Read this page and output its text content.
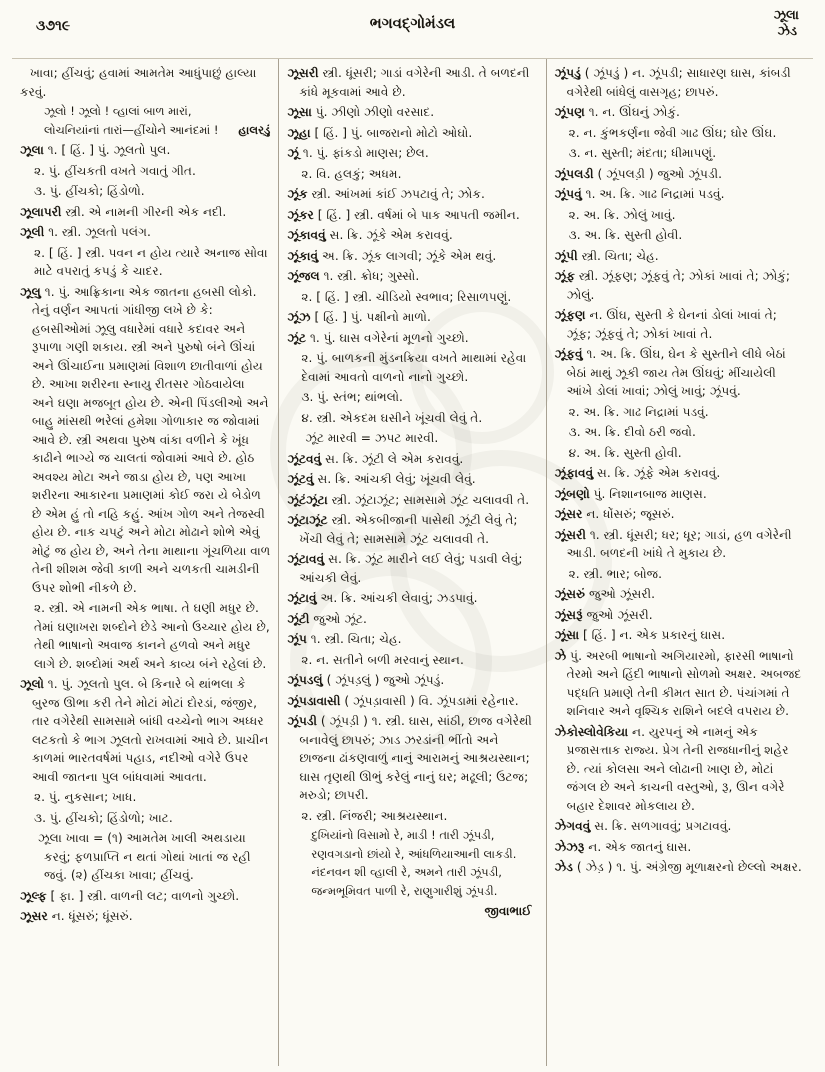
૩૭૧૯	ભગવદ્ગોમંડલ	ઝૂલા
ઝેડ

ખાવા; હીંચવું; હવામાં આમતેમ આધુંપાછું હાલ્યા કરવું.

ઝૂલો ! ઝૂલો ! વ્હાલાં બાળ મારાં,

હાલરડું
લોચનિયાંનાં તારાં—હીંચોને આનંદમાં !

ઝૂલા ૧. [ હિં. ] પું. ઝૂલતો પુલ.

૨. પું. હીંચકતી વખતે ગવાતું ગીત.

૩. પું. હીંચકો; હિંડોળો.

ઝૂલાપરી સ્ત્રી. એ નામની ગીરની એક નદી.

ઝૂલી ૧. સ્ત્રી. ઝૂલતો પલંગ.

૨. [ હિં. ] સ્ત્રી. પવન ન હોય ત્યારે અનાજ સોવા માટે વપરાતું કપડું કે ચાદર.

ઝૂલુ ૧. પું. આફ્રિકાના એક જાતના હબસી લોકો. તેનું વર્ણન આપતાં ગાંધીજી લખે છે કે: હબસીઓમાં ઝૂલુ વધારેમાં વધારે કદાવર અને રૂપાળા ગણી શકાય. સ્ત્રી અને પુરુષો બંને ઊંચાં અને ઊંચાઈના પ્રમાણમાં વિશાળ છાતીવાળાં હોય છે. આખા શરીરના સ્નાયુ રીતસર ગોઠવાયેલા અને ઘણા મજબૂત હોય છે. એની પિંડલીઓ અને બાહુ માંસથી ભરેલાં હમેશા ગોળાકાર જ જોવામાં આવે છે. સ્ત્રી અથવા પુરુષ વાંકા વળીને કે ખૂંધ કાઢીને ભાગ્યે જ ચાલતાં જોવામાં આવે છે. હોઠ અવશ્ય મોટા અને જાડા હોય છે, પણ આખા શરીરના આકારના પ્રમાણમાં કોઈ જરા યે બેડોળ છે એમ હું તો નહિ કહું. આંખ ગોળ અને તેજસ્વી હોય છે. નાક ચપટું અને મોટા મોઢાને શોભે એવું મોટું જ હોય છે, અને તેના માથાના ગૂંચળિયા વાળ તેની શીશમ જેવી કાળી અને ચળકતી ચામડીની ઉપર શોભી નીકળે છે.

૨. સ્ત્રી. એ નામની એક ભાષા. તે ઘણી મધુર છે. તેમાં ઘણાખરા શબ્દોને છેડે આનો ઉચ્ચાર હોય છે, તેથી ભાષાનો અવાજ કાનને હળવો અને મધુર લાગે છે. શબ્દોમાં અર્થ અને કાવ્ય બંને રહેલાં છે.

ઝૂલો ૧. પું. ઝૂલતો પુલ. બે કિનારે બે થાંભલા કે બુરજ ઊભા કરી તેને મોટાં મોટાં દોરડાં, જંજીર, તાર વગેરેથી સામસામે બાંધી વચ્ચેનો ભાગ અધ્ધર લટકતો કે ભાગ ઝૂલતો રાખવામાં આવે છે. પ્રાચીન કાળમાં ભારતવર્ષમાં પહાડ, નદીઓ વગેરે ઉપર આવી જાતના પુલ બાંધવામાં આવતા.

૨. પું. નુકસાન; ખાધ.

૩. પું. હીંચકો; હિંડોળો; ખાટ.

ઝૂલા ખાવા = (૧) આમતેમ ખાલી અથડાયા કરવું; ફળપ્રાપ્તિ ન થતાં ગોથાં ખાતાં જ રહી જવું. (૨) હીંચકા ખાવા; હીંચવું.

ઝૂલ્ફ [ ફા. ] સ્ત્રી. વાળની લટ; વાળનો ગુચ્છો.

ઝૂસર ન. ધૂંસરું; ધૂંસરું.

ઝૂસરી સ્ત્રી. ધૂંસરી; ગાડાં વગેરેની આડી. તે બળદની કાંધે મૂકવામાં આવે છે.

ઝૂસા પું. ઝીણો ઝીણો વરસાદ.

ઝૂહા [ હિં. ] પું. બાજરાનો મોટો ઓઘો.

ઝૂં ૧. પું. ફાંકડો માણસ; છેલ.

૨. વિ. હલકું; અધમ.

ઝૂંક સ્ત્રી. આંખમાં કાંઈ ઝપટાવું તે; ઝોક.

ઝૂંકર [ હિં. ] સ્ત્રી. વર્ષમાં બે પાક આપતી જમીન.

ઝૂંકાવવું સ. ક્રિ. ઝૂંકે એમ કરાવવું.

ઝૂંકાવું અ. ક્રિ. ઝૂંક લાગવી; ઝૂંકે એમ થવું.

ઝૂંજલ ૧. સ્ત્રી. ક્રોધ; ગુસ્સો.

૨. [ હિં. ] સ્ત્રી. ચીડિયો સ્વભાવ; રિસાળપણું.

ઝૂંઝ [ હિં. ] પું. પક્ષીનો માળો.

ઝૂંટ ૧. પું. ઘાસ વગેરેનાં મૂળનો ગુચ્છો.

૨. પું. બાળકની મુંડનક્રિયા વખતે માથામાં રહેવા દેવામાં આવતો વાળનો નાનો ગુચ્છો.

૩. પું. સ્તંભ; થાંભલો.

૪. સ્ત્રી. એકદમ ઘસીને ખૂંચવી લેવું તે.

ઝૂંટ મારવી = ઝપટ મારવી.

ઝૂંટવવું સ. ક્રિ. ઝૂંટી લે એમ કરાવવું.

ઝૂંટવું સ. ક્રિ. આંચકી લેવું; ખૂંચવી લેવું.

ઝૂંટંઝૂંટા સ્ત્રી. ઝૂંટાઝૂંટ; સામસામે ઝૂંટ ચલાવવી તે.

ઝૂંટાઝૂંટ સ્ત્રી. એકબીજાની પાસેથી ઝૂંટી લેવું તે; ખેંચી લેવું તે; સામસામે ઝૂંટ ચલાવવી તે.

ઝૂંટાવવું સ. ક્રિ. ઝૂંટ મારીને લઈ લેવું; પડાવી લેવું; આંચકી લેવું.

ઝૂંટાવું અ. ક્રિ. આંચકી લેવાવું; ઝડપાવું.

ઝૂંટી જુઓ ઝૂંટ.

ઝૂંપ ૧. સ્ત્રી. ચિતા; ચેહ.

૨. ન. સતીને બળી મરવાનું સ્થાન.

ઝૂંપડલું ( ઝૂંપડ઼લું ) જુઓ ઝૂંપડું.

ઝૂંપડાવાસી ( ઝૂંપડ઼ાવાસી ) વિ. ઝૂંપડામાં રહેનાર.

ઝૂંપડી ( ઝૂંપડ઼ી ) ૧. સ્ત્રી. ઘાસ, સાંઠી, છાજ વગેરેથી બનાવેલું છાપરું; ઝાડ ઝરડાંની ભીંતો અને છાજના ઢાંકણવાળું નાનું આરામનું આશ્રયસ્થાન; ઘાસ તૃણથી ઊભું કરેલું નાનું ઘર; મઢૂલી; ઉટજ; મરુડો; છાપરી.

૨. સ્ત્રી. નિંજરી; આશ્રયસ્થાન.

દુખિયાંનો વિસામો રે, માડી ! તારી ઝૂંપડી,

રણવગડાનો છાંયો રે, આંધળિયાઆની લાકડી.

નંદનવન શી વ્હાલી રે, અમને તારી ઝૂંપડી,

જન્મભૂમિવત પાળી રે, રાણુગારીશું ઝૂંપડી.

જીવાભાઈ

ઝૂંપડું ( ઝૂંપડ઼ું ) ન. ઝૂંપડી; સાધારણ ઘાસ, કાંબડી વગેરેથી બાંધેલું વાસગૃહ; છાપરું.

ઝૂંપણ ૧. ન. ઊંઘનું ઝોકું.

૨. ન. કુંભકર્ણના જેવી ગાઢ ઊંઘ; ઘોર ઊંઘ.

૩. ન. સુસ્તી; મંદતા; ધીમાપણું.

ઝૂંપલડી ( ઝૂંપલડ઼ી ) જુઓ ઝૂંપડી.

ઝૂંપવું ૧. અ. ક્રિ. ગાઢ નિદ્રામાં પડવું.

૨. અ. ક્રિ. ઝોલું ખાવું.

૩. અ. ક્રિ. સુસ્તી હોવી.

ઝૂંપી સ્ત્રી. ચિતા; ચેહ.

ઝૂંફ સ્ત્રી. ઝૂંફણ; ઝૂંફવું તે; ઝોકાં ખાવાં તે; ઝોકું; ઝોલું.

ઝૂંફણ ન. ઊંઘ, સુસ્તી કે ઘેનનાં ડોલાં ખાવાં તે; ઝૂંફ; ઝૂંફવું તે; ઝોકાં ખાવાં તે.

ઝૂંફવું ૧. અ. ક્રિ. ઊંઘ, ઘેન કે સુસ્તીને લીધે બેઠાં બેઠાં માથું ઝૂકી જાય તેમ ઊંઘવું; મીંચાયેલી આંખે ડોલાં ખાવાં; ઝોલું ખાવું; ઝૂંપવું.

૨. અ. ક્રિ. ગાઢ નિદ્રામાં પડવું.

૩. અ. ક્રિ. દીવો ઠરી જવો.

૪. અ. ક્રિ. સુસ્તી હોવી.

ઝૂંફાવવું સ. ક્રિ. ઝૂંફે એમ કરાવવું.

ઝૂંબણો પું. નિશાનબાજ માણસ.

ઝૂંસર ન. ધોંસરું; જૂસરું.

ઝૂંસરી ૧. સ્ત્રી. ધૂંસરી; ધર; ધૂર; ગાડાં, હળ વગેરેની આડી. બળદની ખાંધે તે મુકાય છે.

૨. સ્ત્રી. ભાર; બોજ.

ઝૂંસરું જુઓ ઝૂંસરી.

ઝૂંસરૂં જુઓ ઝૂંસરી.

ઝૂંસા [ હિં. ] ન. એક પ્રકારનું ઘાસ.

ઝે પું. અરબી ભાષાનો અગિયારમો, ફારસી ભાષાનો તેરમો અને હિંદી ભાષાનો સોળમો અક્ષર. અબજદ પદ્ધતિ પ્રમાણે તેની કીમત સાત છે. પંચાંગમાં તે શનિવાર અને વૃશ્ચિક રાશિને બદલે વપરાય છે.

ઝેકોસ્લોવેકિયા ન. યુરપનું એ નામનું એક પ્રજાસત્તાક રાજ્ય. પ્રેગ તેની રાજધાનીનું શહેર છે. ત્યાં કોલસા અને લોઢાની ખાણ છે, મોટાં જંગલ છે અને કાચની વસ્તુઓ, રૂ, ઊન વગેરે બહાર દેશાવર મોકલાય છે.

ઝેગવવું સ. ક્રિ. સળગાવવું; પ્રગટાવવું.

ઝેઝરૂ ન. એક જાતનું ઘાસ.

ઝેડ ( ઝેડ઼ ) ૧. પું. અંગ્રેજી મૂળાક્ષરનો છેલ્લો અક્ષર.
